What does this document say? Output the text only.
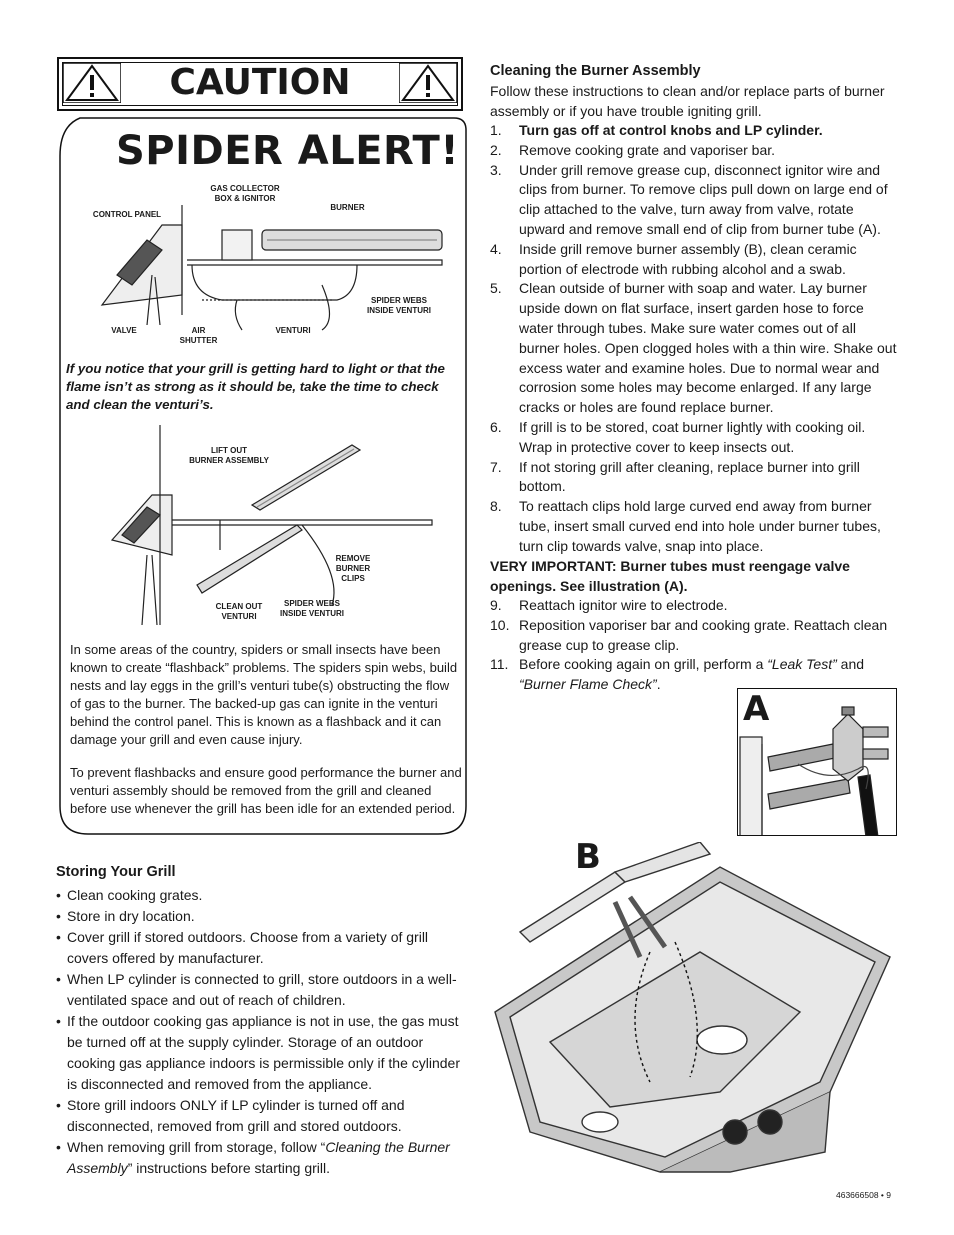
CAUTION
SPIDER ALERT!
CONTROL PANEL
GAS COLLECTOR
BOX & IGNITOR
BURNER
SPIDER WEBS
INSIDE VENTURI
VALVE	AIR
SHUTTER
VENTURI
If you notice that your grill is getting hard to light or that the flame isn’t as strong as it should be, take the time to check and clean the venturi’s.
LIFT OUT
BURNER ASSEMBLY
REMOVE
BURNER
CLIPS
CLEAN OUT
VENTURI
SPIDER WEBS
INSIDE VENTURI
In some areas of the country, spiders or small insects have been known to create “flashback” problems. The spiders spin webs, build nests and lay eggs in the grill’s venturi tube(s) obstructing the flow of gas to the burner. The backed-up gas can ignite in the venturi behind the control panel. This is known as a flashback and it can damage your grill and even cause injury.
To prevent flashbacks and ensure good performance the burner and venturi assembly should be removed from the grill and cleaned before use whenever the grill has been idle for an extended period.
Storing Your Grill
• Clean cooking grates.
• Store in dry location.
• Cover grill if stored outdoors. Choose from a variety of grill covers offered by manufacturer.
• When LP cylinder is connected to grill, store outdoors in a well-ventilated space and out of reach of children.
• If the outdoor cooking gas appliance is not in use, the gas must be turned off at the supply cylinder. Storage of an outdoor cooking gas appliance indoors is permissible only if the cylinder is disconnected and removed from the appliance.
• Store grill indoors ONLY if LP cylinder is turned off and disconnected, removed from grill and stored outdoors.
• When removing grill from storage, follow “Cleaning the Burner Assembly” instructions before starting grill.
Cleaning the Burner Assembly
Follow these instructions to clean and/or replace parts of burner assembly or if you have trouble igniting grill.
1. Turn gas off at control knobs and LP cylinder.
2. Remove cooking grate and vaporiser bar.
3. Under grill remove grease cup, disconnect ignitor wire and clips from burner. To remove clips pull down on large end of clip attached to the valve, turn away from valve, rotate upward and remove small end of clip from burner tube (A).
4. Inside grill remove burner assembly (B), clean ceramic portion of electrode with rubbing alcohol and a swab.
5. Clean outside of burner with soap and water. Lay burner upside down on flat surface, insert garden hose to force water through tubes. Make sure water comes out of all burner holes. Open clogged holes with a thin wire. Shake out excess water and examine holes. Due to normal wear and corrosion some holes may become enlarged. If any large cracks or holes are found replace burner.
6. If grill is to be stored, coat burner lightly with cooking oil. Wrap in protective cover to keep insects out.
7. If not storing grill after cleaning, replace burner into grill bottom.
8. To reattach clips hold large curved end away from burner tube, insert small curved end into hole under burner tubes, turn clip towards valve, snap into place.
VERY IMPORTANT: Burner tubes must reengage valve openings. See illustration (A).
9. Reattach ignitor wire to electrode.
10. Reposition vaporiser bar and cooking grate. Reattach clean grease cup to grease clip.
11. Before cooking again on grill, perform a “Leak Test” and “Burner Flame Check”.
A
B
463666508 • 9
